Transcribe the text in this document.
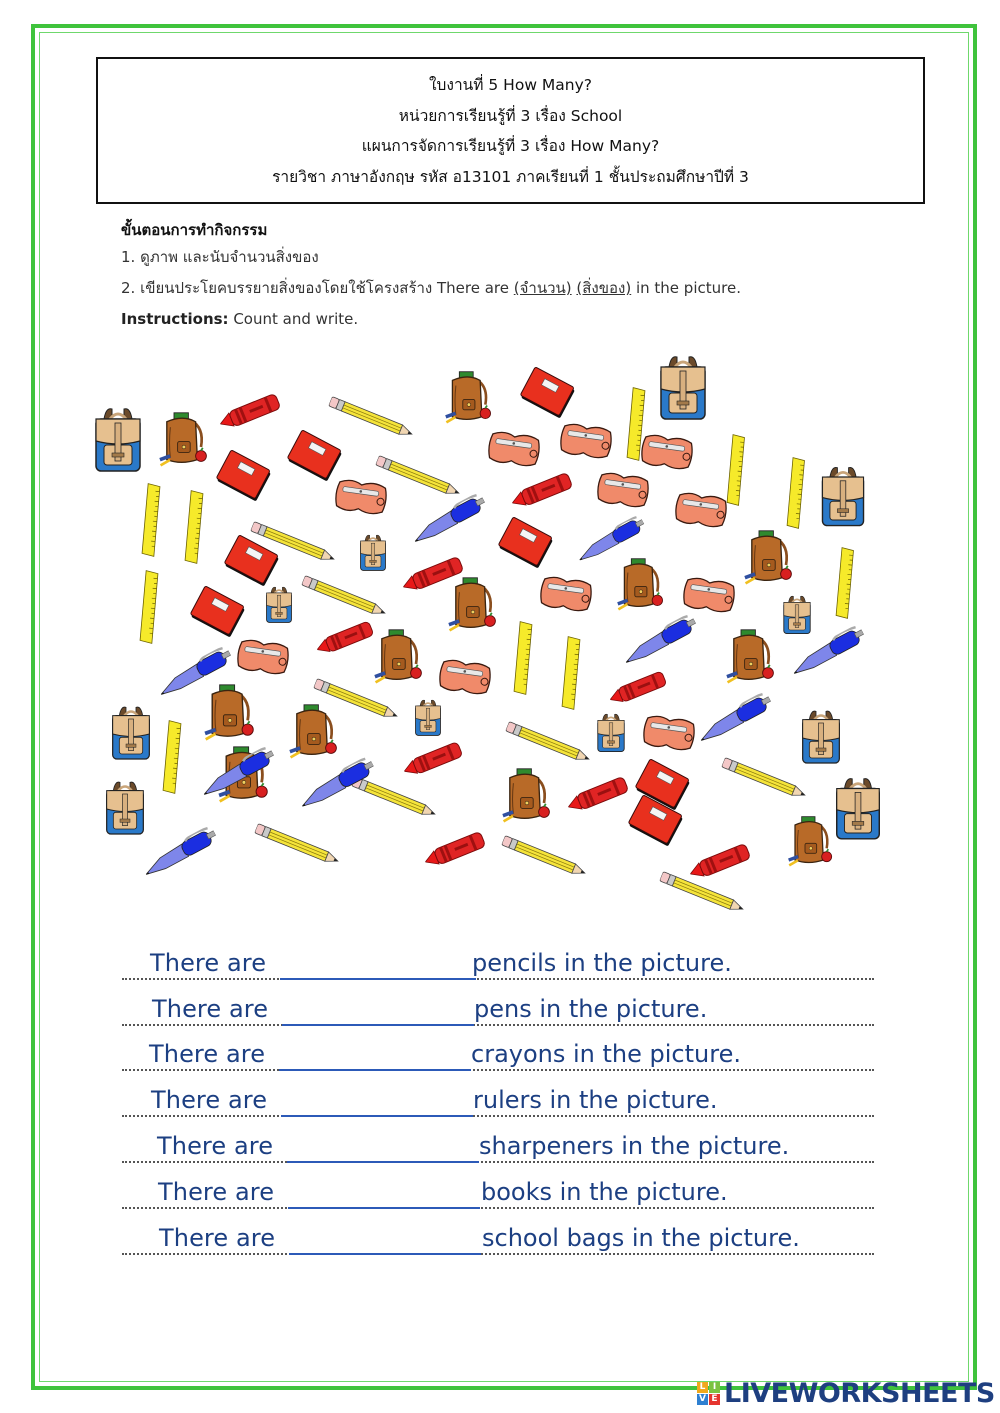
ใบงานที่ 5 How Many?
หน่วยการเรียนรู้ที่ 3 เรื่อง School
แผนการจัดการเรียนรู้ที่ 3 เรื่อง How Many?
รายวิชา ภาษาอังกฤษ รหัส อ13101 ภาคเรียนที่ 1 ชั้นประถมศึกษาปีที่ 3
ขั้นตอนการทำกิจกรรม
1. ดูภาพ และนับจำนวนสิ่งของ
2. เขียนประโยคบรรยายสิ่งของโดยใช้โครงสร้าง There are (จำนวน) (สิ่งของ) in the picture.
Instructions: Count and write.
There are	pencils in the picture.
There are	pens in the picture.
There are	crayons in the picture.
There are	rulers in the picture.
There are	sharpeners in the picture.
There are	books in the picture.
There are	school bags in the picture.
L I
V E LIVEWORKSHEETS
